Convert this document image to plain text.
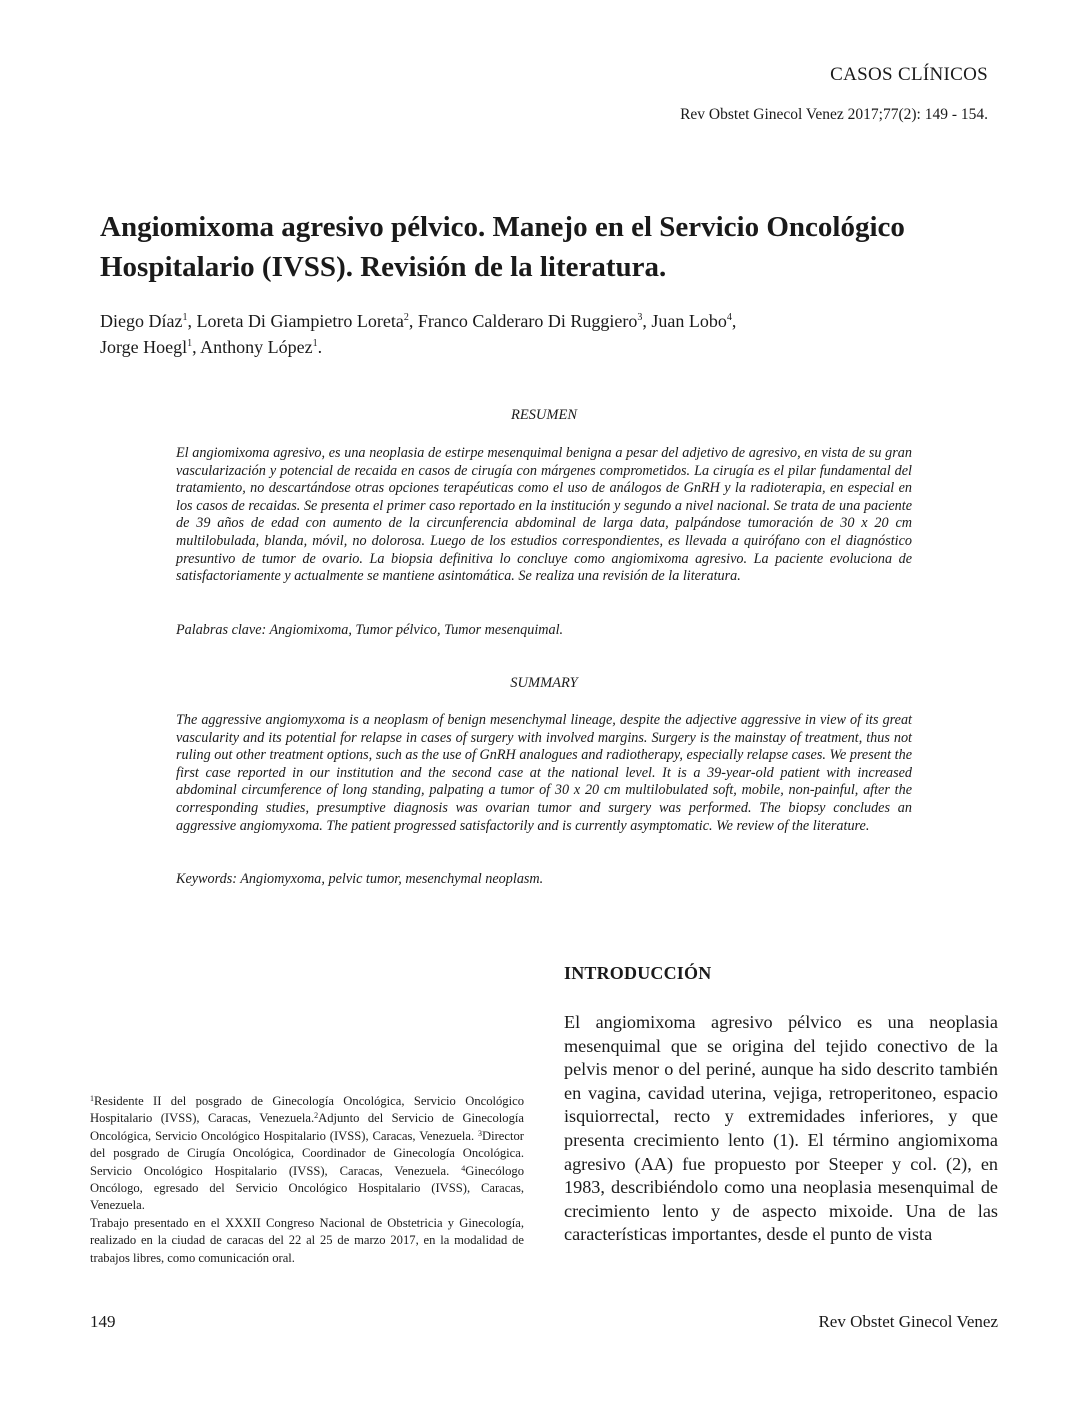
CASOS CLÍNICOS
Rev Obstet Ginecol Venez 2017;77(2): 149 - 154.
Angiomixoma agresivo pélvico. Manejo en el Servicio Oncológico Hospitalario (IVSS). Revisión de la literatura.
Diego Díaz$^1$, Loreta Di Giampietro Loreta$^2$, Franco Calderaro Di Ruggiero$^3$, Juan Lobo$^4$,
Jorge Hoegl$^1$, Anthony López$^1$.
RESUMEN

El angiomixoma agresivo, es una neoplasia de estirpe mesenquimal benigna a pesar del adjetivo de agresivo, en vista de su gran vascularización y potencial de recaida en casos de cirugía con márgenes comprometidos. La cirugía es el pilar fundamental del tratamiento, no descartándose otras opciones terapéuticas como el uso de análogos de GnRH y la radioterapia, en especial en los casos de recaidas. Se presenta el primer caso reportado en la institución y segundo a nivel nacional. Se trata de una paciente de 39 años de edad con aumento de la circunferencia abdominal de larga data, palpándose tumoración de 30 x 20 cm multilobulada, blanda, móvil, no dolorosa. Luego de los estudios correspondientes, es llevada a quirófano con el diagnóstico presuntivo de tumor de ovario. La biopsia definitiva lo concluye como angiomixoma agresivo. La paciente evoluciona de satisfactoriamente y actualmente se mantiene asintomática. Se realiza una revisión de la literatura.

Palabras clave: Angiomixoma, Tumor pélvico, Tumor mesenquimal.
SUMMARY

The aggressive angiomyxoma is a neoplasm of benign mesenchymal lineage, despite the adjective aggressive in view of its great vascularity and its potential for relapse in cases of surgery with involved margins. Surgery is the mainstay of treatment, thus not ruling out other treatment options, such as the use of GnRH analogues and radiotherapy, especially relapse cases. We present the first case reported in our institution and the second case at the national level. It is a 39-year-old patient with increased abdominal circumference of long standing, palpating a tumor of 30 x 20 cm multilobulated soft, mobile, non-painful, after the corresponding studies, presumptive diagnosis was ovarian tumor and surgery was performed. The biopsy concludes an aggressive angiomyxoma. The patient progressed satisfactorily and is currently asymptomatic. We review of the literature.

Keywords: Angiomyxoma, pelvic tumor, mesenchymal neoplasm.
INTRODUCCIÓN

El angiomixoma agresivo pélvico es una neoplasia mesenquimal que se origina del tejido conectivo de la pelvis menor o del periné, aunque ha sido descrito también en vagina, cavidad uterina, vejiga, retroperitoneo, espacio isquiorrectal, recto y extremidades inferiores, y que presenta crecimiento lento (1). El término angiomixoma agresivo (AA) fue propuesto por Steeper y col. (2), en 1983, describiéndolo como una neoplasia mesenquimal de crecimiento lento y de aspecto mixoide. Una de las características importantes, desde el punto de vista

$^1$Residente II del posgrado de Ginecología Oncológica, Servicio Oncológico Hospitalario (IVSS), Caracas, Venezuela.$^2$Adjunto del Servicio de Ginecología Oncológica, Servicio Oncológico Hospitalario (IVSS), Caracas, Venezuela. $^3$Director del posgrado de Cirugía Oncológica, Coordinador de Ginecología Oncológica. Servicio Oncológico Hospitalario (IVSS), Caracas, Venezuela. $^4$Ginecólogo Oncólogo, egresado del Servicio Oncológico Hospitalario (IVSS), Caracas, Venezuela.

Trabajo presentado en el XXXII Congreso Nacional de Obstetricia y Ginecología, realizado en la ciudad de caracas del 22 al 25 de marzo 2017, en la modalidad de trabajos libres, como comunicación oral.

149	Rev Obstet Ginecol Venez
